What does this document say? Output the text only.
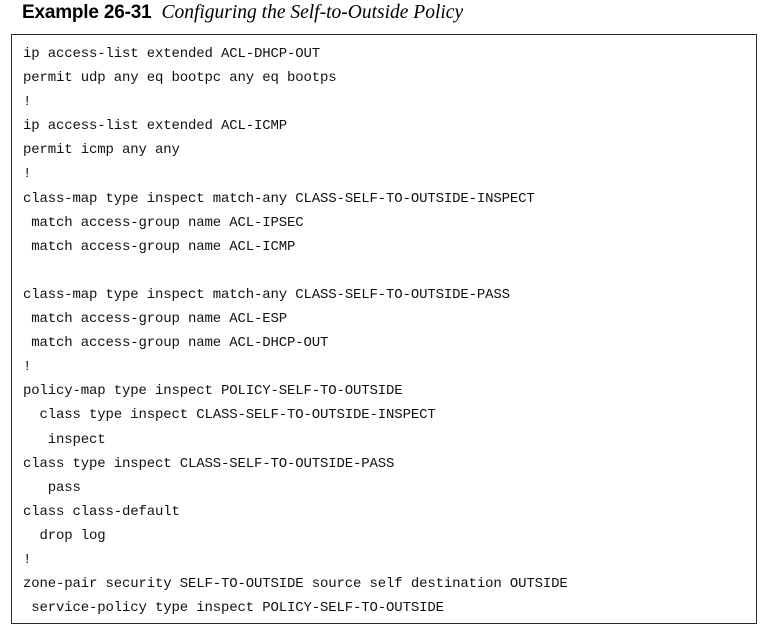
Example 26-31 Configuring the Self-to-Outside Policy
ip access-list extended ACL-DHCP-OUT
permit udp any eq bootpc any eq bootps
!
ip access-list extended ACL-ICMP
permit icmp any any
!
class-map type inspect match-any CLASS-SELF-TO-OUTSIDE-INSPECT
match access-group name ACL-IPSEC
match access-group name ACL-ICMP
class-map type inspect match-any CLASS-SELF-TO-OUTSIDE-PASS
match access-group name ACL-ESP
match access-group name ACL-DHCP-OUT
!
policy-map type inspect POLICY-SELF-TO-OUTSIDE
class type inspect CLASS-SELF-TO-OUTSIDE-INSPECT
inspect
class type inspect CLASS-SELF-TO-OUTSIDE-PASS
pass
class class-default
drop log
!
zone-pair security SELF-TO-OUTSIDE source self destination OUTSIDE
service-policy type inspect POLICY-SELF-TO-OUTSIDE
